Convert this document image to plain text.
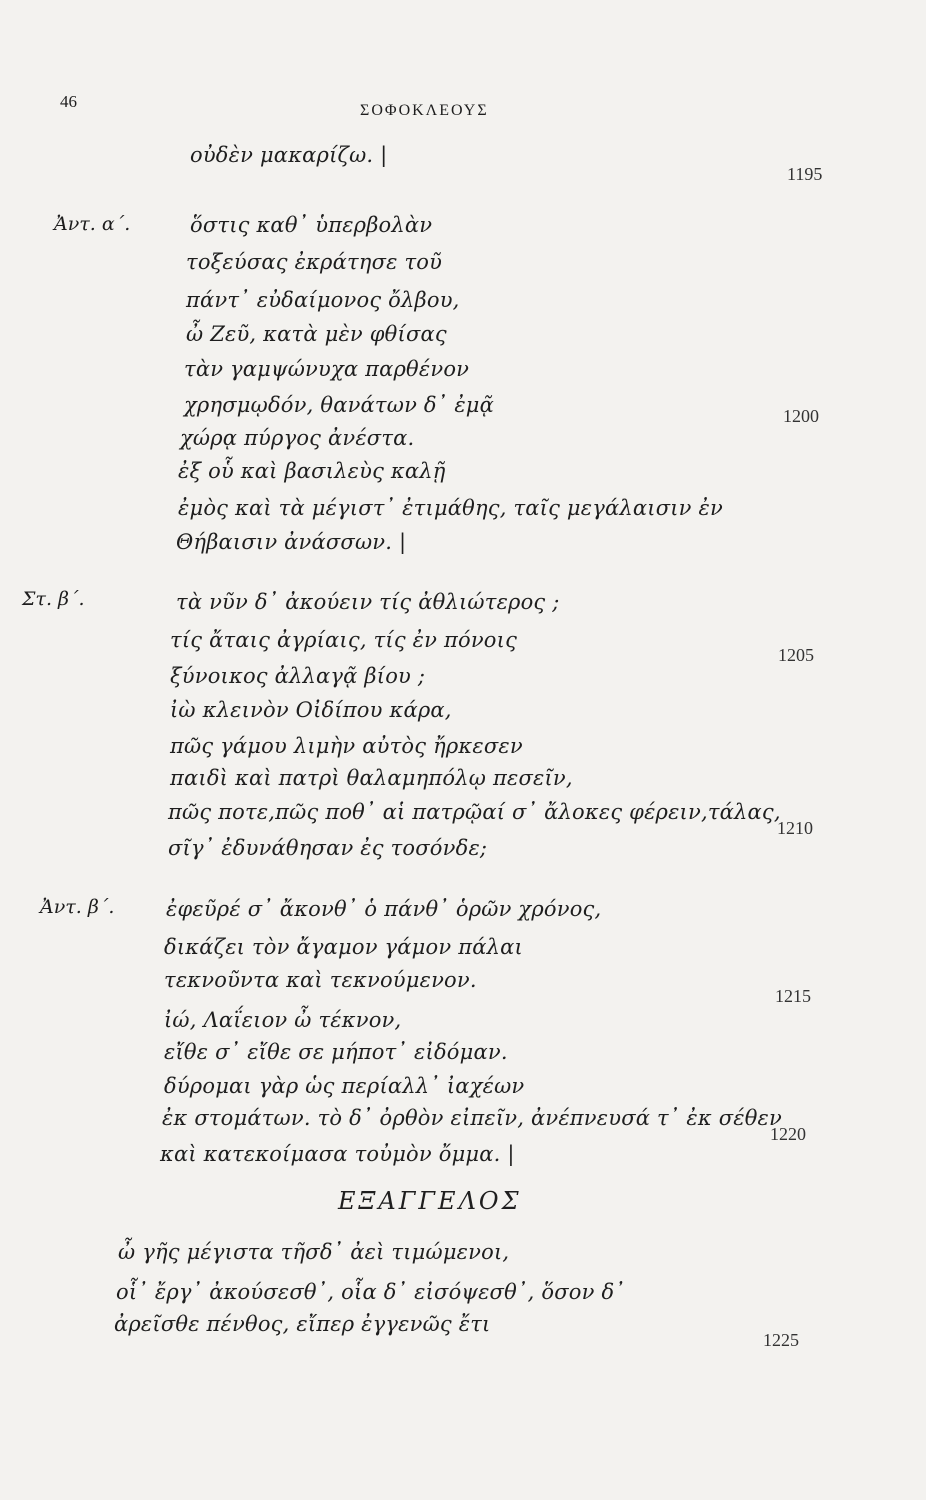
46	ΣΟΦΟΚΛΕΟΥΣ
Ἀντ. α΄.
Στ. β΄.
Ἀντ. β΄.
1195
1200
1205
1210
1215
1220
1225
οὐδὲν μακαρίζω. |
ὅστις καθ᾽ ὑπερβολὰν
τοξεύσας ἐκράτησε τοῦ
πάντ᾽ εὐδαίμονος ὄλβου,
ὦ Ζεῦ, κατὰ μὲν φθίσας
τὰν γαμψώνυχα παρθένον
χρησμῳδόν, θανάτων δ᾽ ἐμᾷ
χώρᾳ πύργος ἀνέστα.
ἐξ οὗ καὶ βασιλεὺς καλῇ
ἐμὸς καὶ τὰ μέγιστ᾽ ἐτιμάθης, ταῖς μεγάλαισιν ἐν
Θήβαισιν ἀνάσσων. |
τὰ νῦν δ᾽ ἀκούειν τίς ἀθλιώτερος ;
τίς ἄταις ἀγρίαις, τίς ἐν πόνοις
ξύνοικος ἀλλαγᾷ βίου ;
ἰὼ κλεινὸν Οἰδίπου κάρα,
πῶς γάμου λιμὴν αὐτὸς ἤρκεσεν
παιδὶ καὶ πατρὶ θαλαμηπόλῳ πεσεῖν,
πῶς ποτε,πῶς ποθ᾽ αἱ πατρῷαί σ᾽ ἄλοκες φέρειν,τάλας,
σῖγ᾽ ἐδυνάθησαν ἐς τοσόνδε;
ἐφεῦρέ σ᾽ ἄκονθ᾽ ὁ πάνθ᾽ ὁρῶν χρόνος,
δικάζει τὸν ἄγαμον γάμον πάλαι
τεκνοῦντα καὶ τεκνούμενον.
ἰώ, Λαΐειον ὦ τέκνον,
εἴθε σ᾽ εἴθε σε μήποτ᾽ εἰδόμαν.
δύρομαι γὰρ ὡς περίαλλ᾽ ἰαχέων
ἐκ στομάτων. τὸ δ᾽ ὀρθὸν εἰπεῖν, ἀνέπνευσά τ᾽ ἐκ σέθεν
καὶ κατεκοίμασα τοὐμὸν ὄμμα. |
ΕΞΑΓΓΕΛΟΣ
ὦ γῆς μέγιστα τῆσδ᾽ ἀεὶ τιμώμενοι,
οἷ᾽ ἔργ᾽ ἀκούσεσθ᾽, οἷα δ᾽ εἰσόψεσθ᾽, ὅσον δ᾽
ἀρεῖσθε πένθος, εἴπερ ἐγγενῶς ἔτι
